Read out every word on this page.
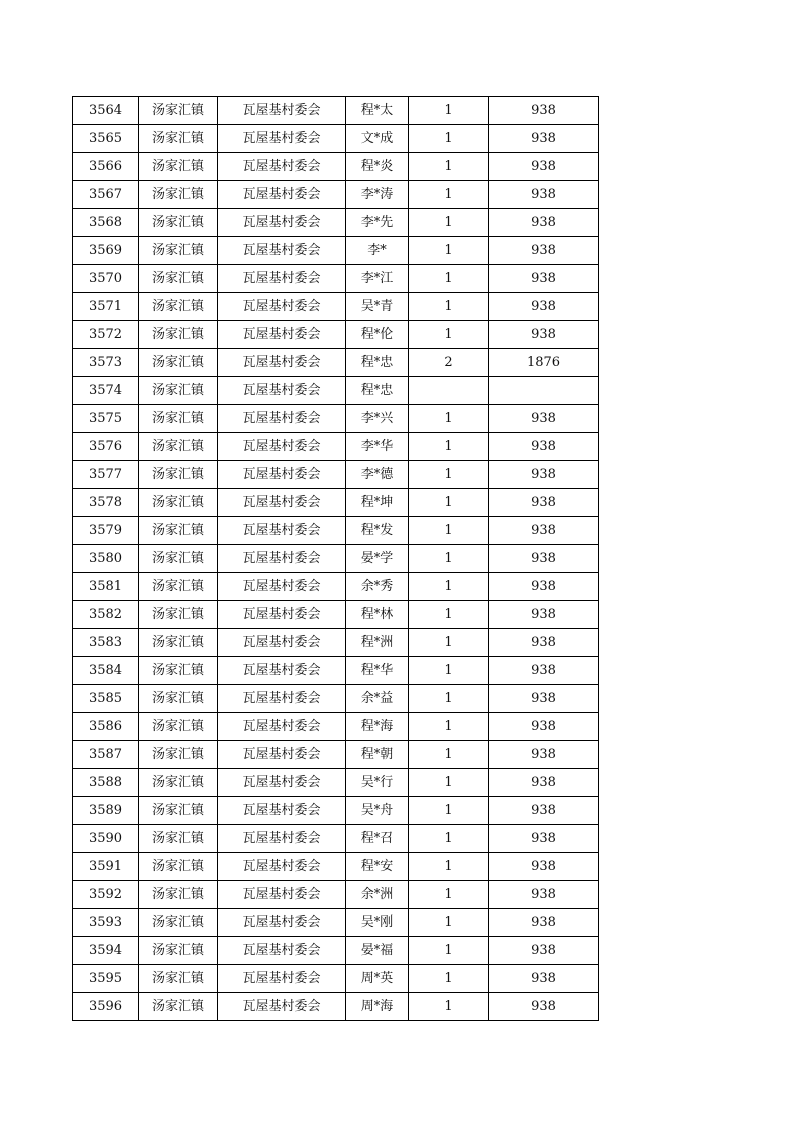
3564	汤家汇镇	瓦屋基村委会	程*太	1	938
3565	汤家汇镇	瓦屋基村委会	文*成	1	938
3566	汤家汇镇	瓦屋基村委会	程*炎	1	938
3567	汤家汇镇	瓦屋基村委会	李*涛	1	938
3568	汤家汇镇	瓦屋基村委会	李*先	1	938
3569	汤家汇镇	瓦屋基村委会	李*	1	938
3570	汤家汇镇	瓦屋基村委会	李*江	1	938
3571	汤家汇镇	瓦屋基村委会	吴*青	1	938
3572	汤家汇镇	瓦屋基村委会	程*伦	1	938
3573	汤家汇镇	瓦屋基村委会	程*忠	2	1876
3574	汤家汇镇	瓦屋基村委会	程*忠		
3575	汤家汇镇	瓦屋基村委会	李*兴	1	938
3576	汤家汇镇	瓦屋基村委会	李*华	1	938
3577	汤家汇镇	瓦屋基村委会	李*德	1	938
3578	汤家汇镇	瓦屋基村委会	程*坤	1	938
3579	汤家汇镇	瓦屋基村委会	程*发	1	938
3580	汤家汇镇	瓦屋基村委会	晏*学	1	938
3581	汤家汇镇	瓦屋基村委会	余*秀	1	938
3582	汤家汇镇	瓦屋基村委会	程*林	1	938
3583	汤家汇镇	瓦屋基村委会	程*洲	1	938
3584	汤家汇镇	瓦屋基村委会	程*华	1	938
3585	汤家汇镇	瓦屋基村委会	余*益	1	938
3586	汤家汇镇	瓦屋基村委会	程*海	1	938
3587	汤家汇镇	瓦屋基村委会	程*朝	1	938
3588	汤家汇镇	瓦屋基村委会	吴*行	1	938
3589	汤家汇镇	瓦屋基村委会	吴*舟	1	938
3590	汤家汇镇	瓦屋基村委会	程*召	1	938
3591	汤家汇镇	瓦屋基村委会	程*安	1	938
3592	汤家汇镇	瓦屋基村委会	余*洲	1	938
3593	汤家汇镇	瓦屋基村委会	吴*刚	1	938
3594	汤家汇镇	瓦屋基村委会	晏*福	1	938
3595	汤家汇镇	瓦屋基村委会	周*英	1	938
3596	汤家汇镇	瓦屋基村委会	周*海	1	938
